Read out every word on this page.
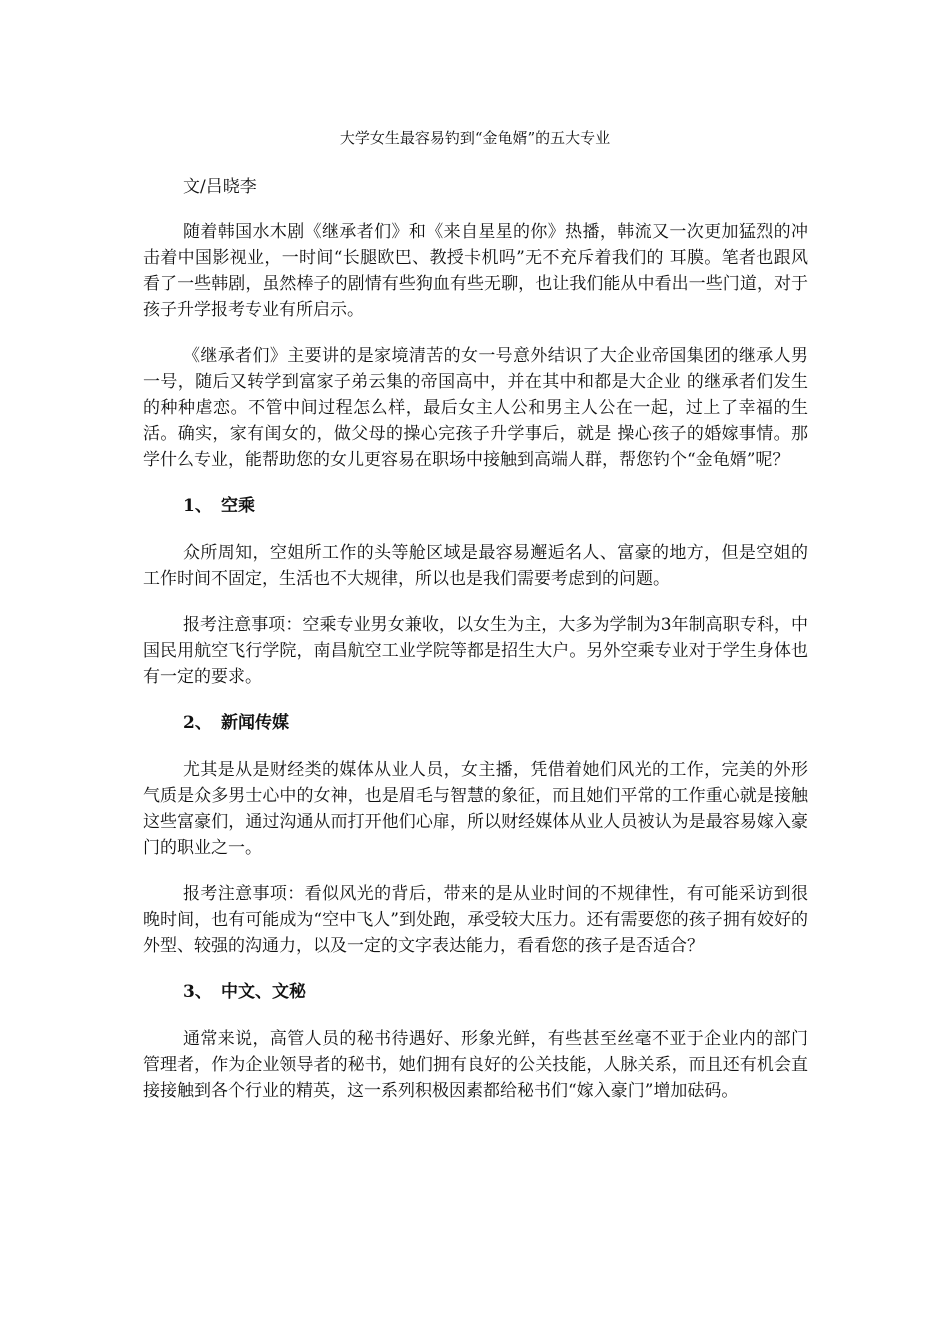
大学女生最容易钓到“金龟婿”的五大专业
文/吕晓李

随着韩国水木剧《继承者们》和《来自星星的你》热播，韩流又一次更加猛烈的冲击着中国影视业，一时间“长腿欧巴、教授卡机吗”无不充斥着我们的 耳膜。笔者也跟风看了一些韩剧，虽然棒子的剧情有些狗血有些无聊，也让我们能从中看出一些门道，对于孩子升学报考专业有所启示。

《继承者们》主要讲的是家境清苦的女一号意外结识了大企业帝国集团的继承人男一号，随后又转学到富家子弟云集的帝国高中，并在其中和都是大企业 的继承者们发生的种种虐恋。不管中间过程怎么样，最后女主人公和男主人公在一起，过上了幸福的生活。确实，家有闺女的，做父母的操心完孩子升学事后，就是 操心孩子的婚嫁事情。那学什么专业，能帮助您的女儿更容易在职场中接触到高端人群，帮您钓个“金龟婿”呢？

1、 空乘

众所周知，空姐所工作的头等舱区域是最容易邂逅名人、富豪的地方，但是空姐的工作时间不固定，生活也不大规律，所以也是我们需要考虑到的问题。

报考注意事项：空乘专业男女兼收，以女生为主，大多为学制为3年制高职专科，中国民用航空飞行学院，南昌航空工业学院等都是招生大户。另外空乘专业对于学生身体也有一定的要求。

2、 新闻传媒

尤其是从是财经类的媒体从业人员，女主播，凭借着她们风光的工作，完美的外形气质是众多男士心中的女神，也是眉毛与智慧的象征，而且她们平常的工作重心就是接触这些富豪们，通过沟通从而打开他们心扉，所以财经媒体从业人员被认为是最容易嫁入豪门的职业之一。

报考注意事项：看似风光的背后，带来的是从业时间的不规律性，有可能采访到很晚时间，也有可能成为“空中飞人”到处跑，承受较大压力。还有需要您的孩子拥有姣好的外型、较强的沟通力，以及一定的文字表达能力，看看您的孩子是否适合？

3、 中文、文秘

通常来说，高管人员的秘书待遇好、形象光鲜，有些甚至丝毫不亚于企业内的部门管理者，作为企业领导者的秘书，她们拥有良好的公关技能，人脉关系，而且还有机会直接接触到各个行业的精英，这一系列积极因素都给秘书们“嫁入豪门”增加砝码。
